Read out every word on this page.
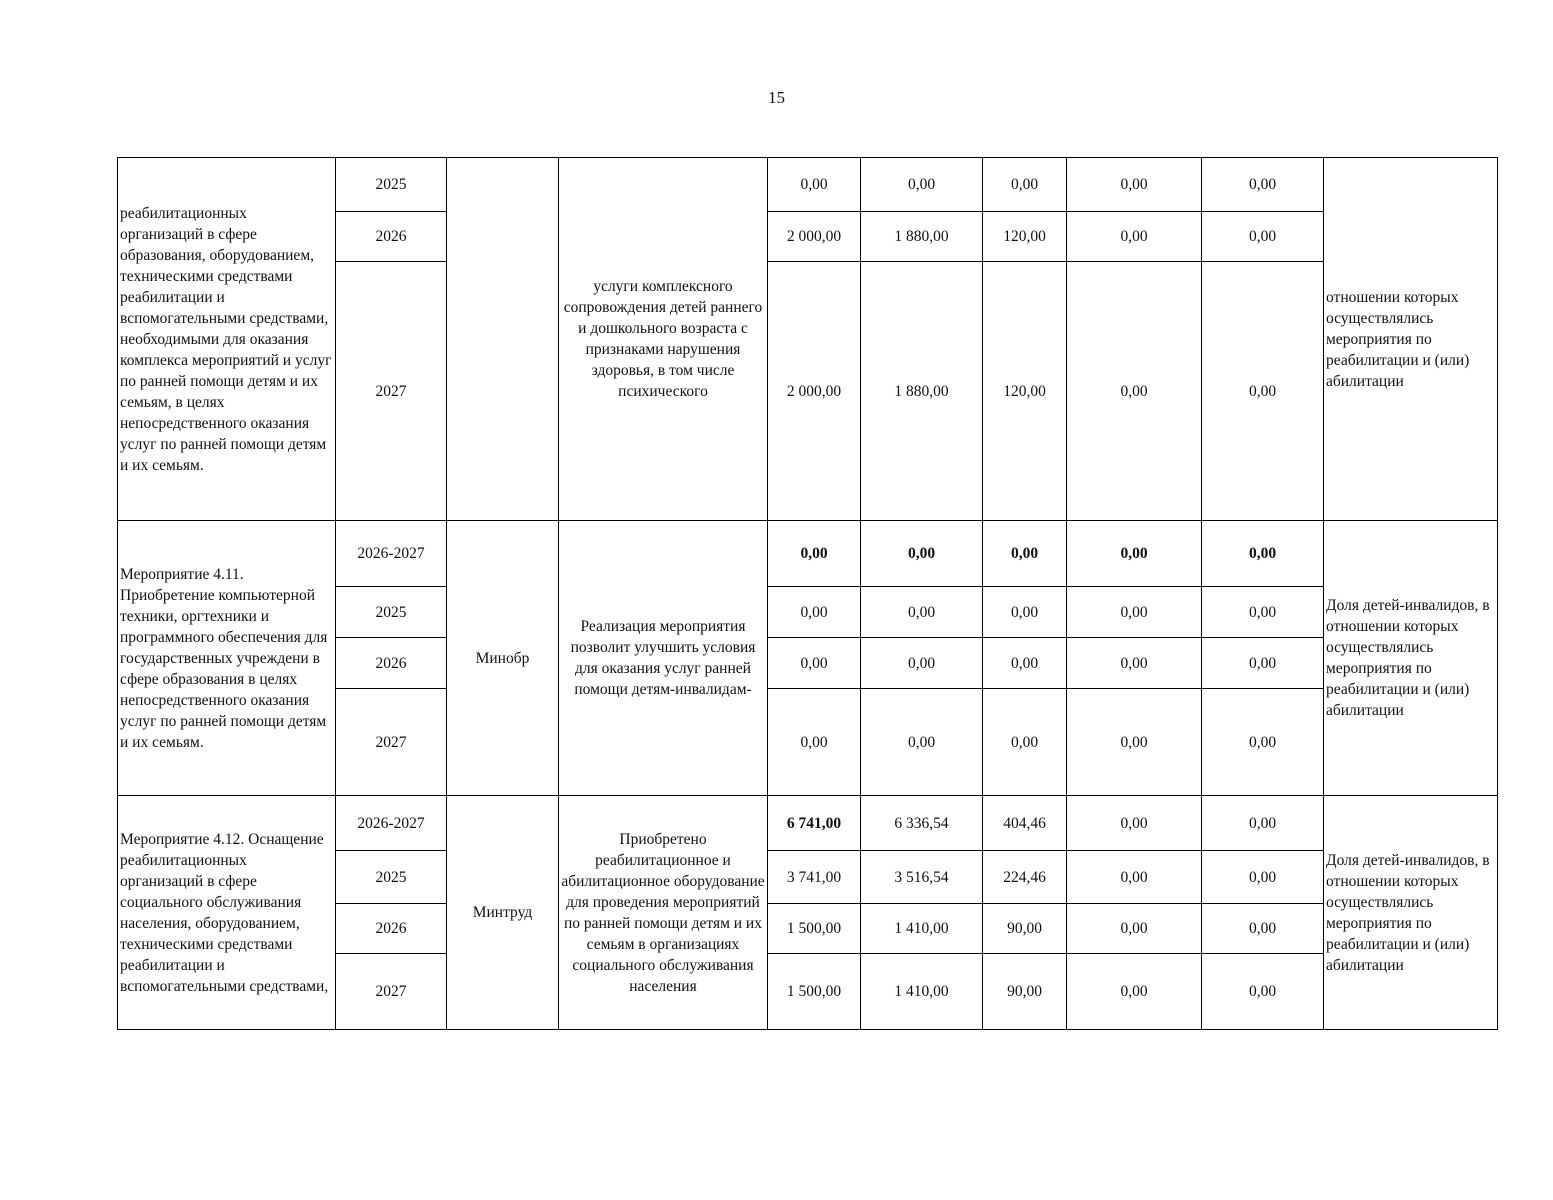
15
реабилитационных организаций в сфере образования, оборудованием, техническими средствами реабилитации и вспомогательными средствами, необходимыми для оказания комплекса мероприятий и услуг по ранней помощи детям и их семьям, в целях непосредственного оказания услуг по ранней помощи детям и их семьям.	2025		услуги комплексного сопровождения детей раннего и дошкольного возраста с признаками нарушения здоровья, в том числе психического	0,00	0,00	0,00	0,00	0,00	отношении которых осуществлялись мероприятия по реабилитации и (или) абилитации
	2026			2 000,00	1 880,00	120,00	0,00	0,00	
	2027			2 000,00	1 880,00	120,00	0,00	0,00	
Мероприятие 4.11. Приобретение компьютерной техники, оргтехники и программного обеспечения для государственных учреждени в сфере образования в целях непосредственного оказания услуг по ранней помощи детям и их семьям.	2026-2027	Минобр	Реализация мероприятия позволит улучшить условия для оказания услуг ранней помощи детям-инвалидам-	0,00	0,00	0,00	0,00	0,00	Доля детей-инвалидов, в отношении которых осуществлялись мероприятия по реабилитации и (или) абилитации
	2025			0,00	0,00	0,00	0,00	0,00	
	2026			0,00	0,00	0,00	0,00	0,00	
	2027			0,00	0,00	0,00	0,00	0,00	
Мероприятие 4.12. Оснащение реабилитационных организаций в сфере социального обслуживания населения, оборудованием, техническими средствами реабилитации и вспомогательными средствами,	2026-2027	Минтруд	Приобретено реабилитационное и абилитационное оборудование для проведения мероприятий по ранней помощи детям и их семьям в организациях социального обслуживания населения	6 741,00	6 336,54	404,46	0,00	0,00	Доля детей-инвалидов, в отношении которых осуществлялись мероприятия по реабилитации и (или) абилитации
	2025			3 741,00	3 516,54	224,46	0,00	0,00	
	2026			1 500,00	1 410,00	90,00	0,00	0,00	
	2027			1 500,00	1 410,00	90,00	0,00	0,00	
